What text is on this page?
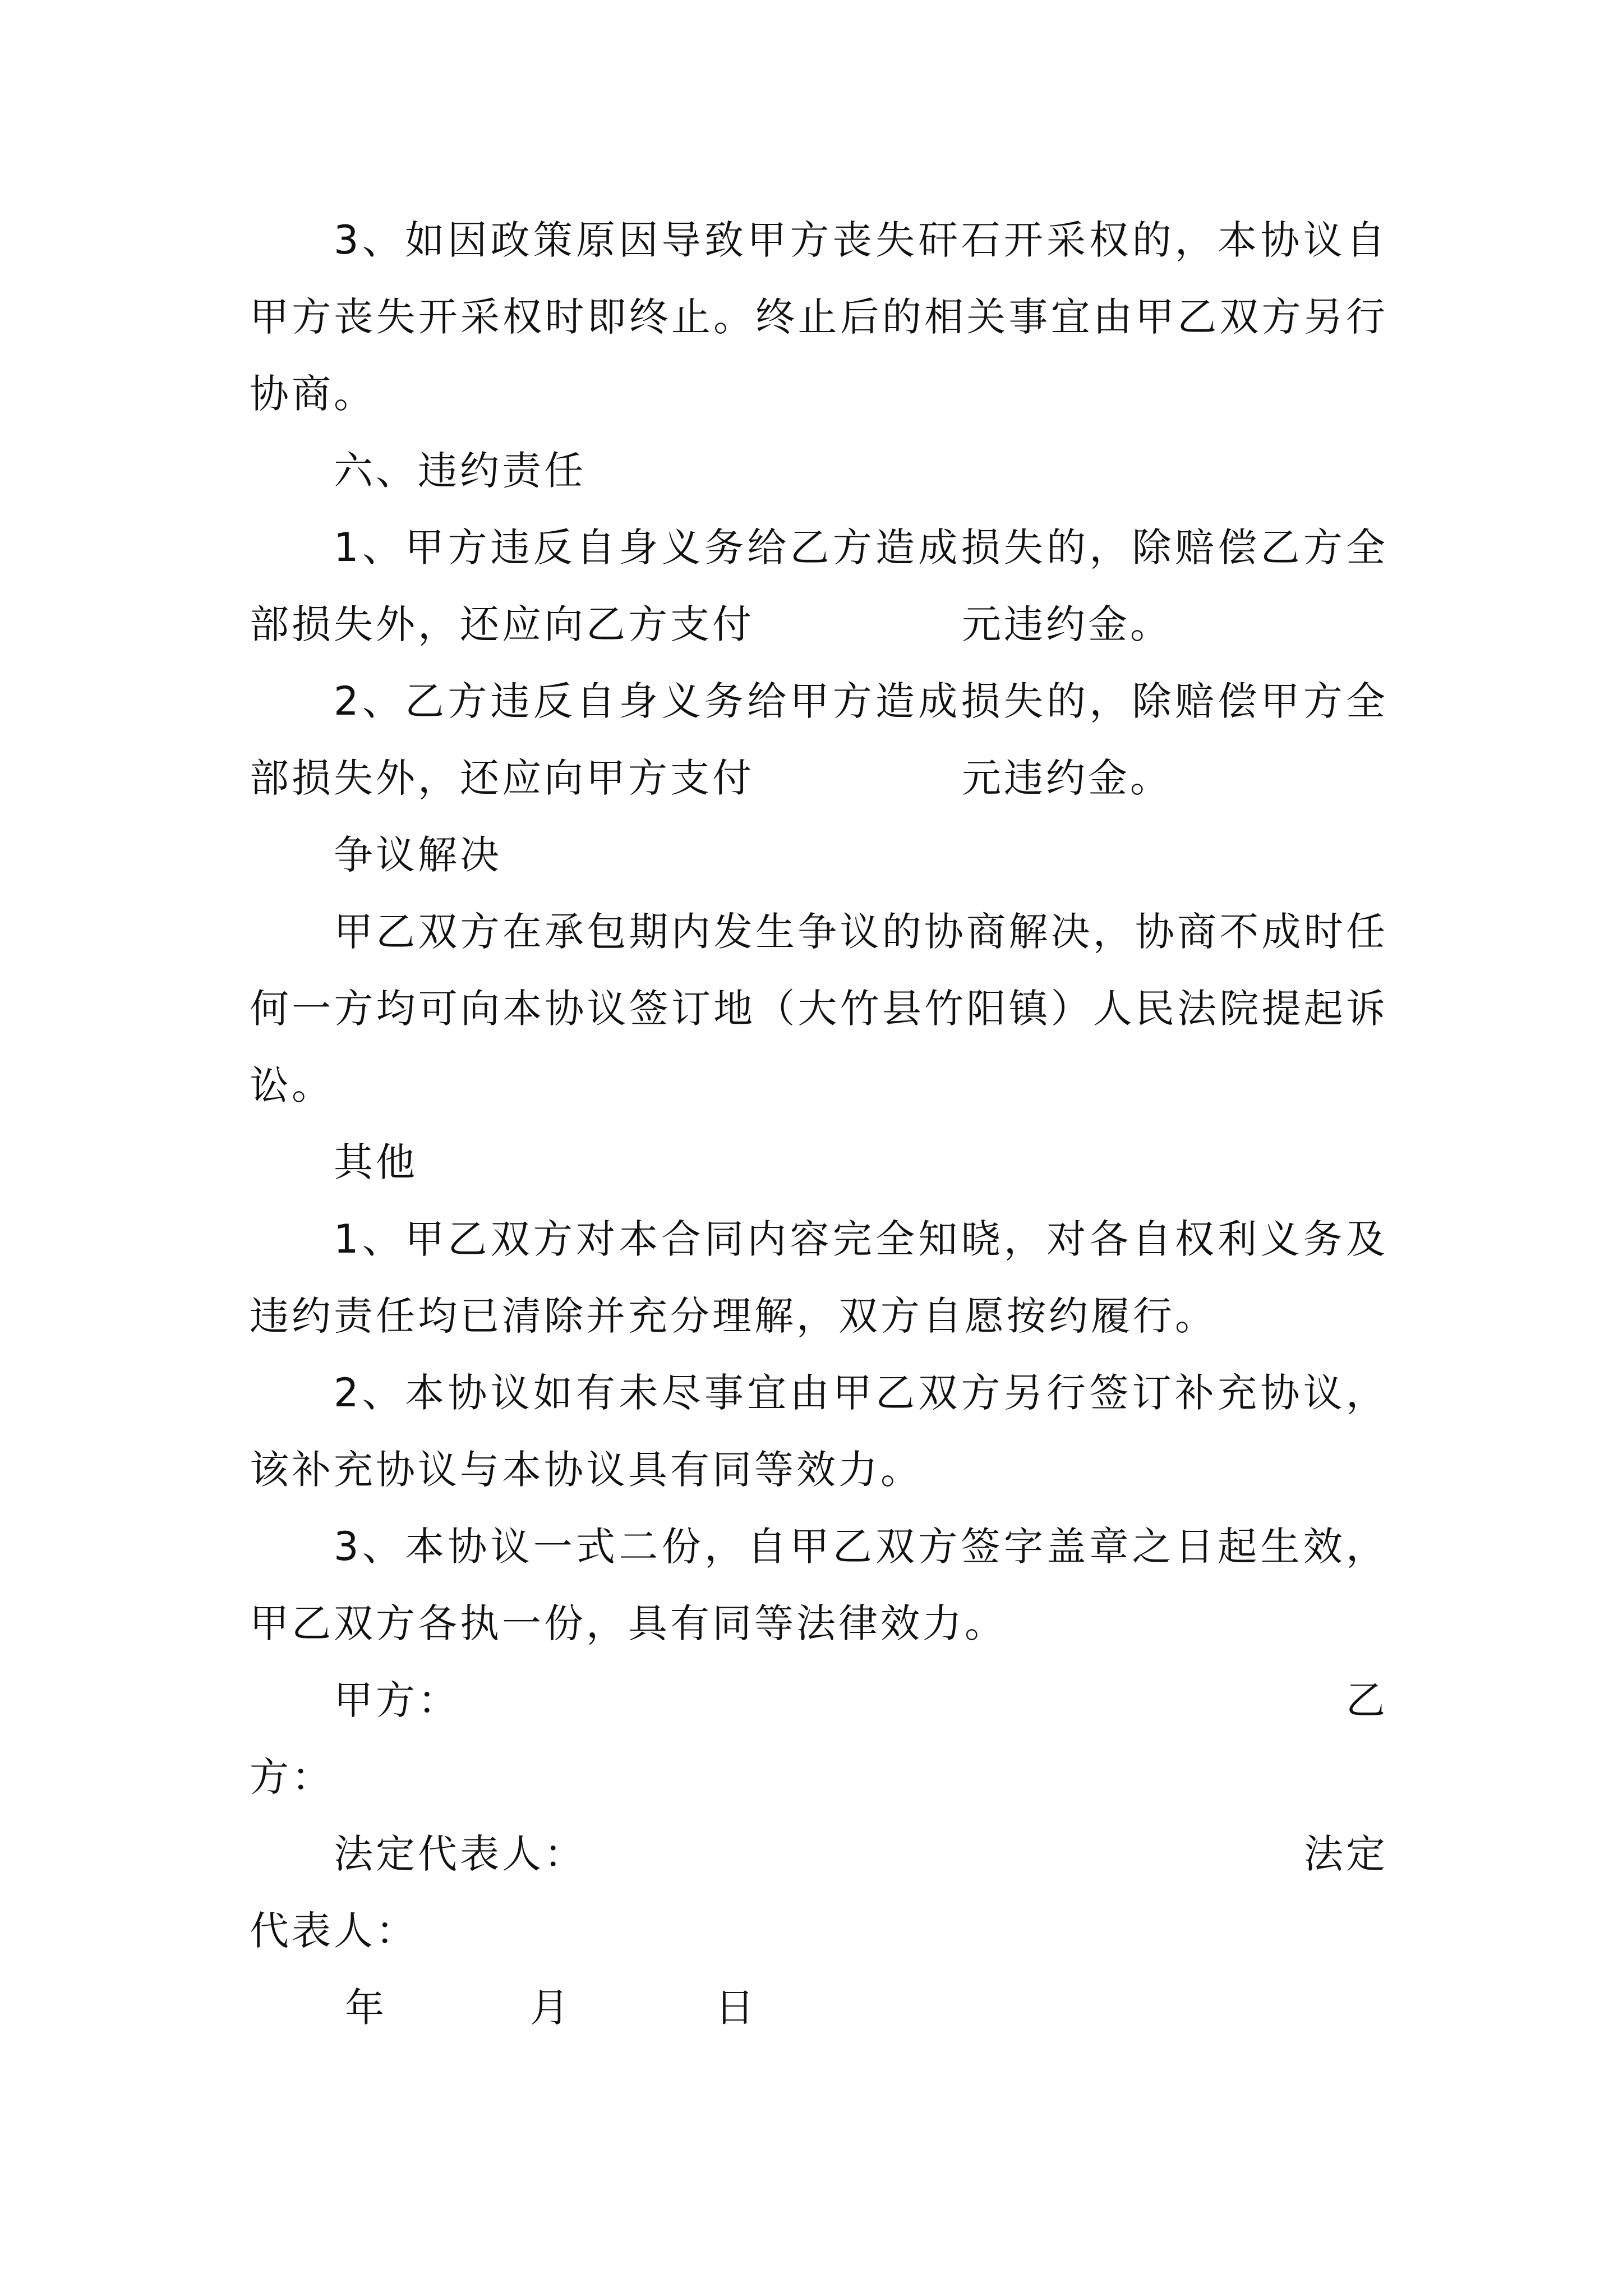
3、如因政策原因导致甲方丧失矸石开采权的，本协议自甲方丧失开采权时即终止。终止后的相关事宜由甲乙双方另行协商。

六、违约责任

1、甲方违反自身义务给乙方造成损失的，除赔偿乙方全部损失外，还应向乙方支付	元违约金。

2、乙方违反自身义务给甲方造成损失的，除赔偿甲方全部损失外，还应向甲方支付	元违约金。

争议解决

甲乙双方在承包期内发生争议的协商解决，协商不成时任何一方均可向本协议签订地（大竹县竹阳镇）人民法院提起诉讼。

其他

1、甲乙双方对本合同内容完全知晓，对各自权利义务及违约责任均已清除并充分理解，双方自愿按约履行。

2、本协议如有未尽事宜由甲乙双方另行签订补充协议，该补充协议与本协议具有同等效力。

3、本协议一式二份，自甲乙双方签字盖章之日起生效，甲乙双方各执一份，具有同等法律效力。

甲方：	乙

方：

法定代表人：	法定

代表人：

年	月	日
